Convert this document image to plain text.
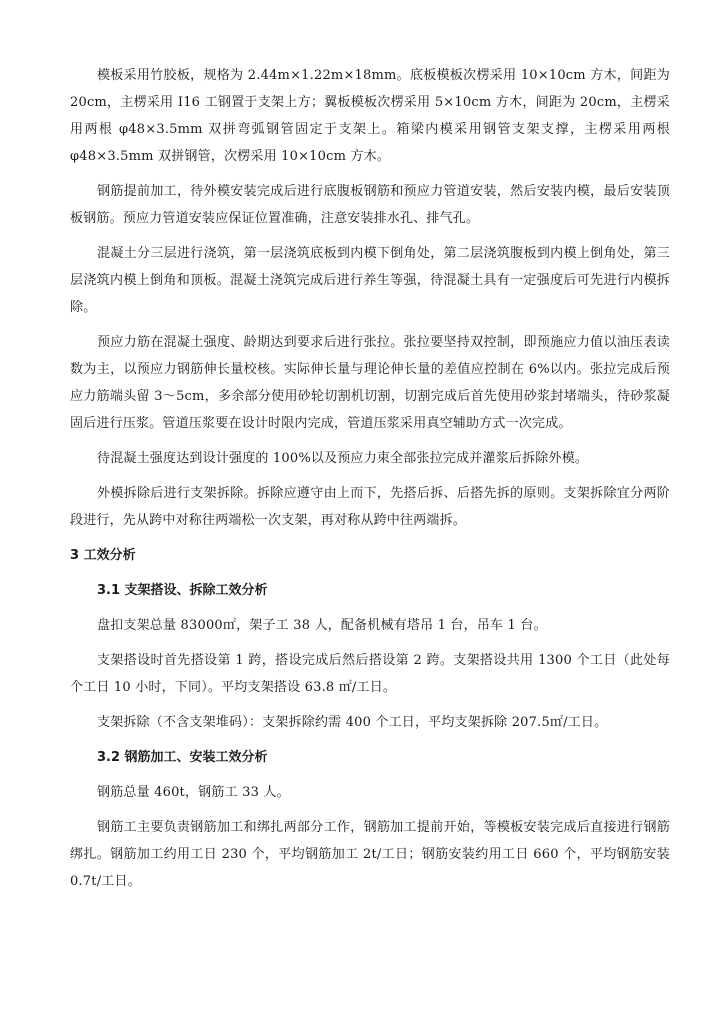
模板采用竹胶板，规格为 2.44m×1.22m×18mm。底板模板次楞采用 10×10cm 方木，间距为 20cm，主楞采用 I16 工钢置于支架上方；翼板模板次楞采用 5×10cm 方木，间距为 20cm，主楞采用两根 φ48×3.5mm 双拼弯弧钢管固定于支架上。箱梁内模采用钢管支架支撑，主楞采用两根 φ48×3.5mm 双拼钢管，次楞采用 10×10cm 方木。

钢筋提前加工，待外模安装完成后进行底腹板钢筋和预应力管道安装，然后安装内模，最后安装顶板钢筋。预应力管道安装应保证位置准确，注意安装排水孔、排气孔。

混凝土分三层进行浇筑，第一层浇筑底板到内模下倒角处，第二层浇筑腹板到内模上倒角处，第三层浇筑内模上倒角和顶板。混凝土浇筑完成后进行养生等强，待混凝土具有一定强度后可先进行内模拆除。

预应力筋在混凝土强度、龄期达到要求后进行张拉。张拉要坚持双控制，即预施应力值以油压表读数为主，以预应力钢筋伸长量校核。实际伸长量与理论伸长量的差值应控制在 6%以内。张拉完成后预应力筋端头留 3～5cm，多余部分使用砂轮切割机切割，切割完成后首先使用砂浆封堵端头，待砂浆凝固后进行压浆。管道压浆要在设计时限内完成，管道压浆采用真空辅助方式一次完成。

待混凝土强度达到设计强度的 100%以及预应力束全部张拉完成并灌浆后拆除外模。

外模拆除后进行支架拆除。拆除应遵守由上而下，先搭后拆、后搭先拆的原则。支架拆除宜分两阶段进行，先从跨中对称往两端松一次支架，再对称从跨中往两端拆。

3 工效分析
3.1 支架搭设、拆除工效分析

盘扣支架总量 83000㎡，架子工 38 人，配备机械有塔吊 1 台，吊车 1 台。

支架搭设时首先搭设第 1 跨，搭设完成后然后搭设第 2 跨。支架搭设共用 1300 个工日（此处每个工日 10 小时，下同）。平均支架搭设 63.8 ㎡/工日。

支架拆除（不含支架堆码）：支架拆除约需 400 个工日，平均支架拆除 207.5㎡/工日。

3.2 钢筋加工、安装工效分析

钢筋总量 460t，钢筋工 33 人。

钢筋工主要负责钢筋加工和绑扎两部分工作，钢筋加工提前开始，等模板安装完成后直接进行钢筋绑扎。钢筋加工约用工日 230 个，平均钢筋加工 2t/工日；钢筋安装约用工日 660 个，平均钢筋安装 0.7t/工日。
